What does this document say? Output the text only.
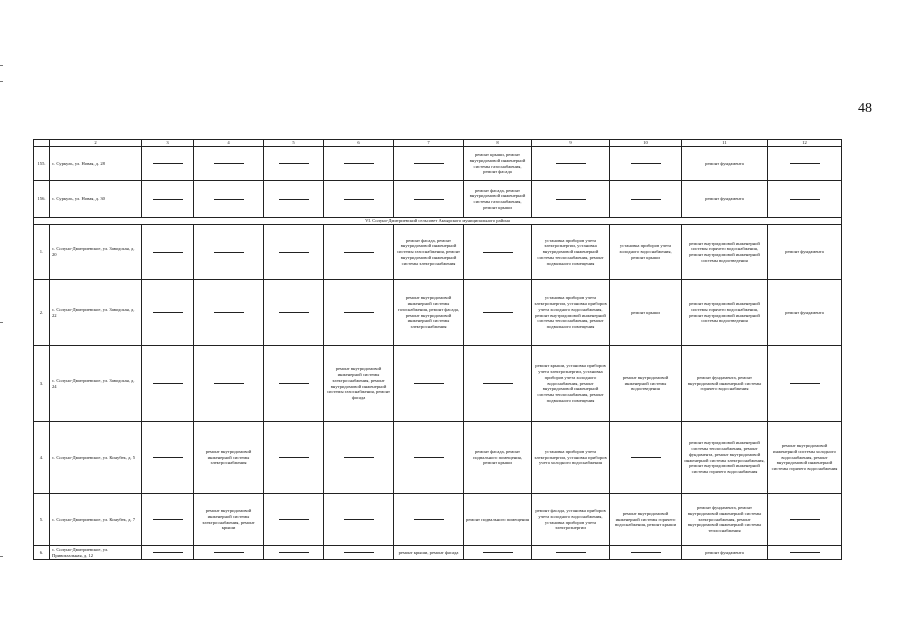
48
	2	3	4	5	6	7	8	9	10	11	12
155.	с. Суркуль, ул. Новая, д. 28						ремонт крыши, ремонт внутридомовой инженерной системы газоснабжения, ремонт фасада			ремонт фундамента	
156.	с. Суркуль, ул. Новая, д. 30						ремонт фасада, ремонт внутридомовой инженерной системы газоснабжения, ремонт крыши			ремонт фундамента	
VI. Солуно-Дмитриевский сельсовет Акъярского муниципального района											
1.	с. Солуно-Дмитриевское, ул. Заводская, д. 20					ремонт фасада, ремонт внутридомовой инженерной системы газоснабжения, ремонт внутридомовой инженерной системы электроснабжения		установка приборов учета электроэнергии, установка внутридомовой инженерной системы теплоснабжения, ремонт подвального помещения	установка приборов учета холодного водоснабжения, ремонт крыши	ремонт внутридомовой инженерной системы горячего водоснабжения, ремонт внутридомовой инженерной системы водоотведения	ремонт фундамента
2.	с. Солуно-Дмитриевское, ул. Заводская, д. 22					ремонт внутридомовой инженерной системы газоснабжения, ремонт фасада, ремонт внутридомовой инженерной системы электроснабжения		установка приборов учета электроэнергии, установка приборов учета холодного водоснабжения, ремонт внутридомовой инженерной системы теплоснабжения, ремонт подвального помещения	ремонт крыши	ремонт внутридомовой инженерной системы горячего водоснабжения, ремонт внутридомовой инженерной системы водоотведения	ремонт фундамента
3.	с. Солуно-Дмитриевское, ул. Заводская, д. 24				ремонт внутридомовой инженерной системы электроснабжения, ремонт внутридомовой инженерной системы газоснабжения, ремонт фасада			ремонт крыши, установка приборов учета электроэнергии, установка приборов учета холодного водоснабжения, ремонт внутридомовой инженерной системы теплоснабжения, ремонт подвального помещения	ремонт внутридомовой инженерной системы водоотведения	ремонт фундамента, ремонт внутридомовой инженерной системы горячего водоснабжения	
4.	с. Солуно-Дмитриевское, ул. Конубек, д. 5		ремонт внутридомовой инженерной системы электроснабжения				ремонт фасада, ремонт подвального помещения, ремонт крыши	установка приборов учета электроэнергии, установка приборов учета холодного водоснабжения		ремонт внутридомовой инженерной системы теплоснабжения, ремонт фундамента, ремонт внутридомовой инженерной системы электроснабжения, ремонт внутридомовой инженерной системы горячего водоснабжения	ремонт внутридомовой инженерной системы холодного водоснабжения, ремонт внутридомовой инженерной системы горячего водоснабжения
5.	с. Солуно-Дмитриевское, ул. Конубек, д. 7		ремонт внутридомовой инженерной системы электроснабжения, ремонт крыши				ремонт подвального помещения	ремонт фасада, установка приборов учета холодного водоснабжения, установка приборов учета электроэнергии	ремонт внутридомовой инженерной системы горячего водоснабжения, ремонт крыши	ремонт фундамента, ремонт внутридомовой инженерной системы электроснабжения, ремонт внутридомовой инженерной системы теплоснабжения	
6.	с. Солуно-Дмитриевское, ул. Привокзальная, д. 12					ремонт крыши, ремонт фасада				ремонт фундамента	
